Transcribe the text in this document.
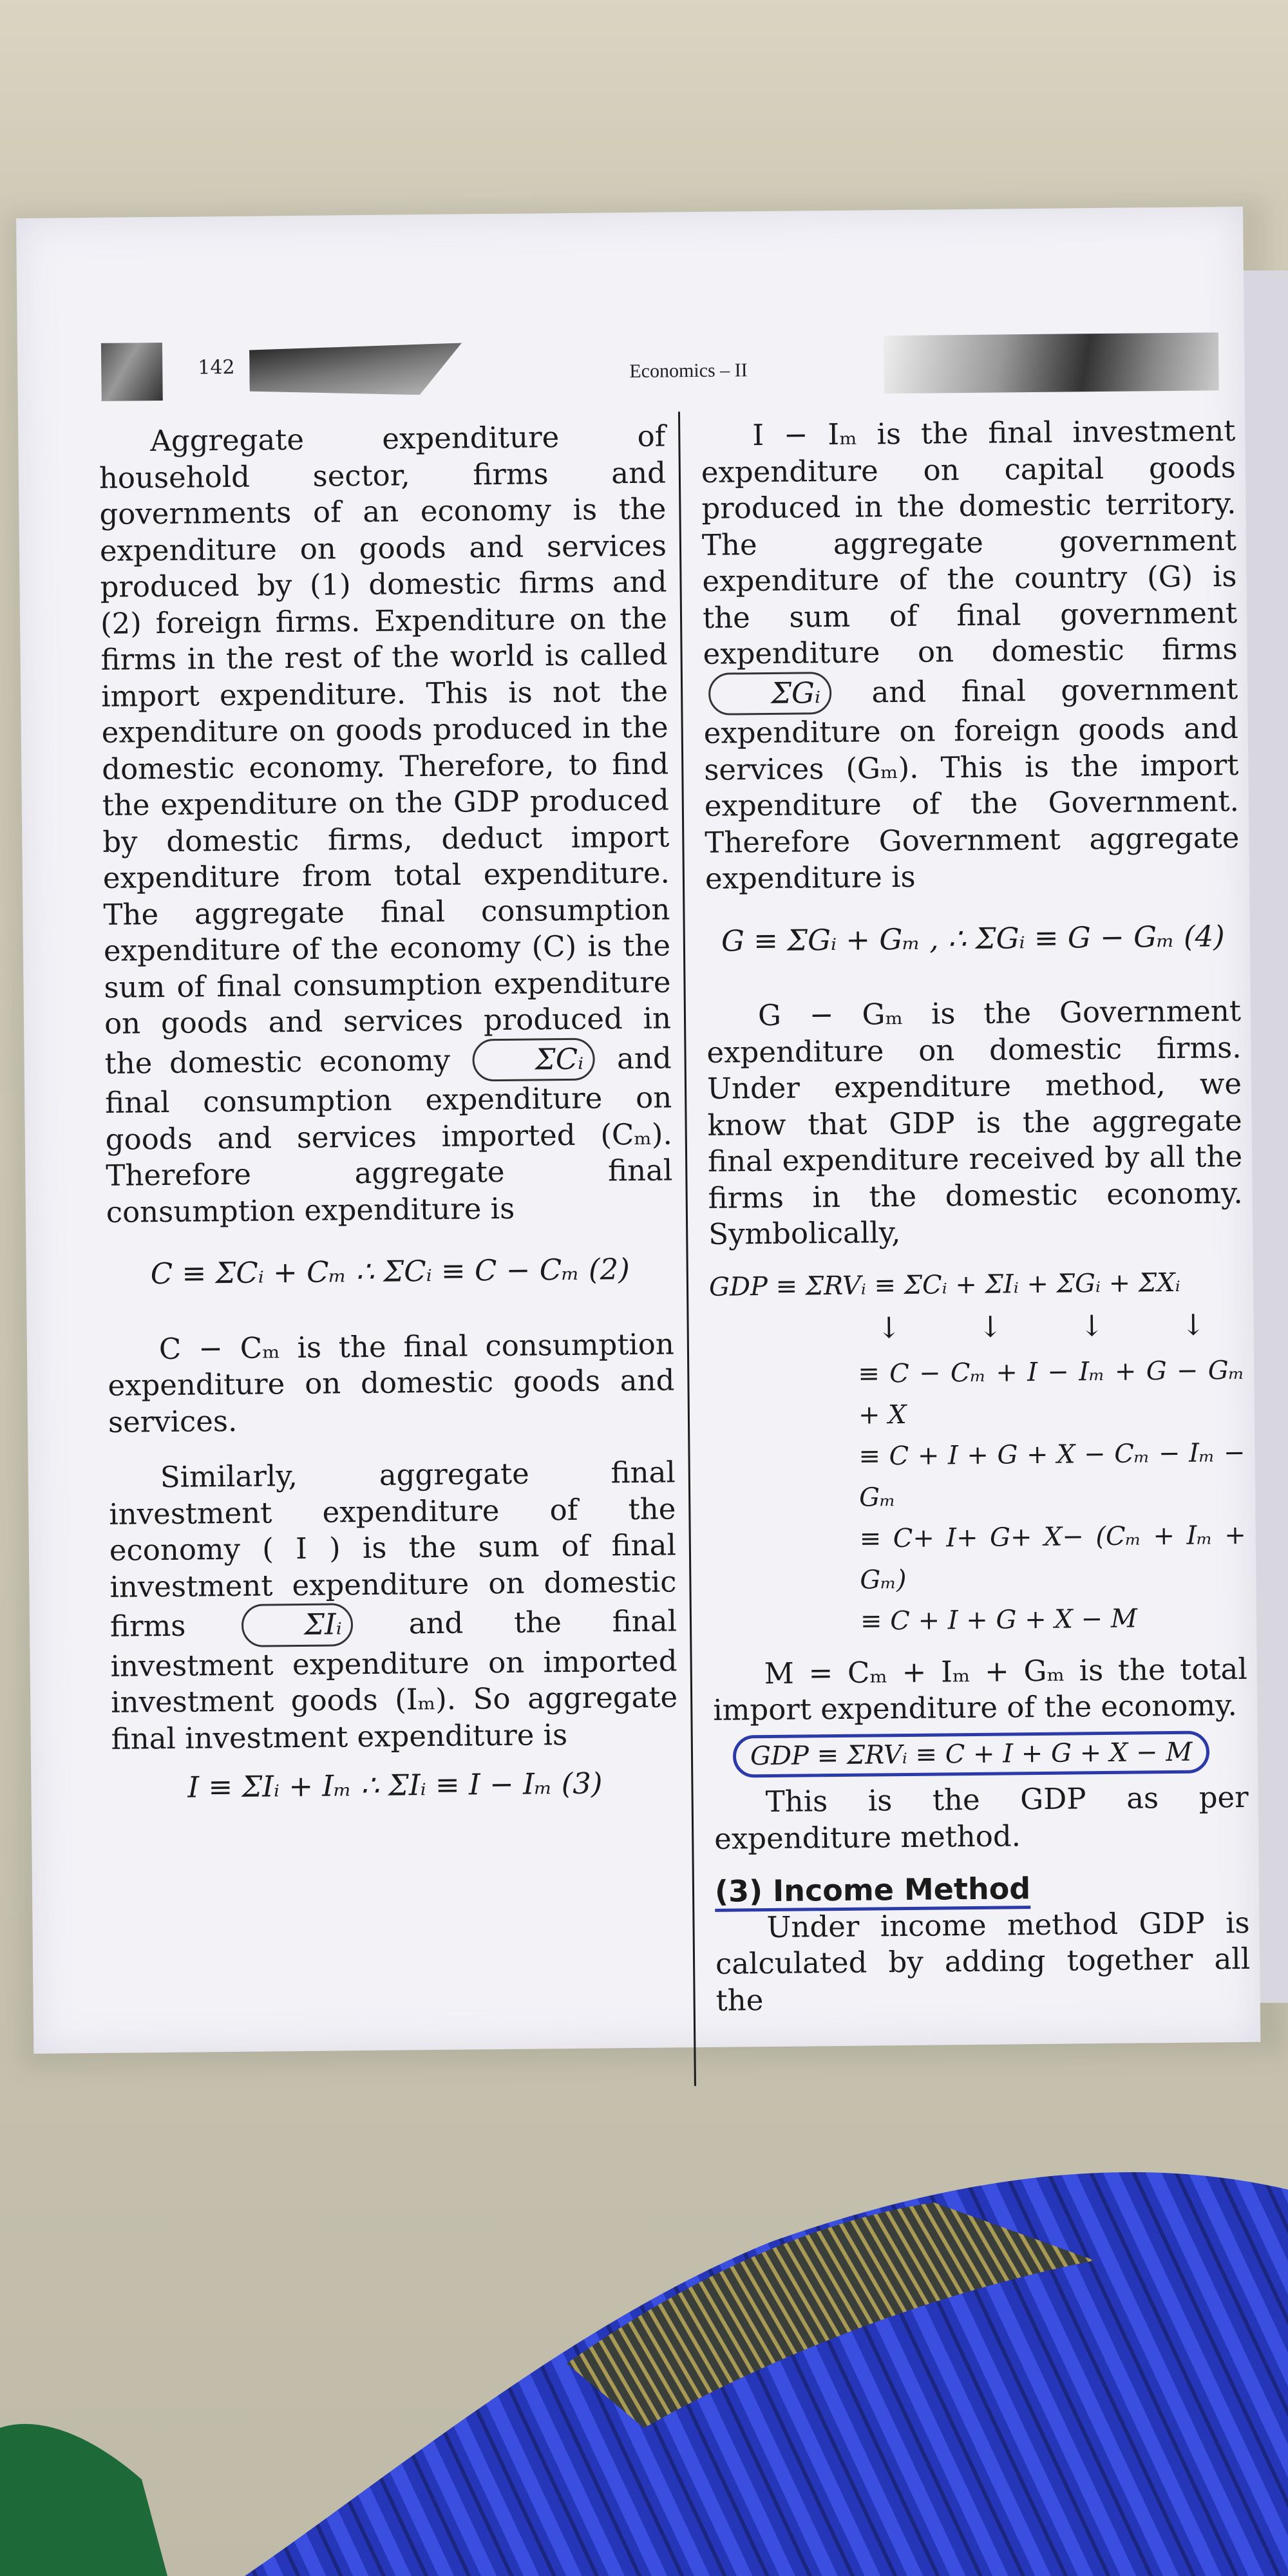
142	Economics – II

Aggregate expenditure of household sector, firms and governments of an economy is the expenditure on goods and services produced by (1) domestic firms and (2) foreign firms. Expenditure on the firms in the rest of the world is called import expenditure. This is not the expenditure on goods produced in the domestic economy. Therefore, to find the expenditure on the GDP produced by domestic firms, deduct import expenditure from total expenditure. The aggregate final consumption expenditure of the economy (C) is the sum of final consumption expenditure on goods and services produced in the domestic economy	ΣCᵢ and final consumption expenditure on goods and services imported (Cₘ). Therefore aggregate final consumption expenditure is

C ≡ ΣCᵢ + Cₘ ∴ ΣCᵢ ≡ C − Cₘ (2)

C − Cₘ is the final consumption expenditure on domestic goods and services.

Similarly, aggregate final investment expenditure of the economy ( I ) is the sum of final investment expenditure on domestic firms	ΣIᵢ and the final investment expenditure on imported investment goods (Iₘ). So aggregate final investment expenditure is

I ≡ ΣIᵢ + Iₘ ∴ ΣIᵢ ≡ I − Iₘ (3)

I − Iₘ is the final investment expenditure on capital goods produced in the domestic territory. The aggregate government expenditure of the country (G) is the sum of final government expenditure on domestic firms ΣGᵢ and final government expenditure on foreign goods and services (Gₘ). This is the import expenditure of the Government. Therefore Government aggregate expenditure is

G ≡ ΣGᵢ + Gₘ , ∴ ΣGᵢ ≡ G − Gₘ (4)

G − Gₘ is the Government expenditure on domestic firms. Under expenditure method, we know that GDP is the aggregate final expenditure received by all the firms in the domestic economy. Symbolically,

GDP ≡ ΣRVᵢ ≡ ΣCᵢ + ΣIᵢ + ΣGᵢ + ΣXᵢ
↓	↓	↓	↓
≡ C − Cₘ + I − Iₘ + G − Gₘ + X
≡ C + I + G + X − Cₘ − Iₘ − Gₘ
≡ C+ I+ G+ X− (Cₘ + Iₘ + Gₘ)
≡ C + I + G + X − M

M = Cₘ + Iₘ + Gₘ is the total import expenditure of the economy.

GDP ≡ ΣRVᵢ ≡ C + I + G + X − M

This is the GDP as per expenditure method.

(3) Income Method

Under income method GDP is calculated by adding together all the
